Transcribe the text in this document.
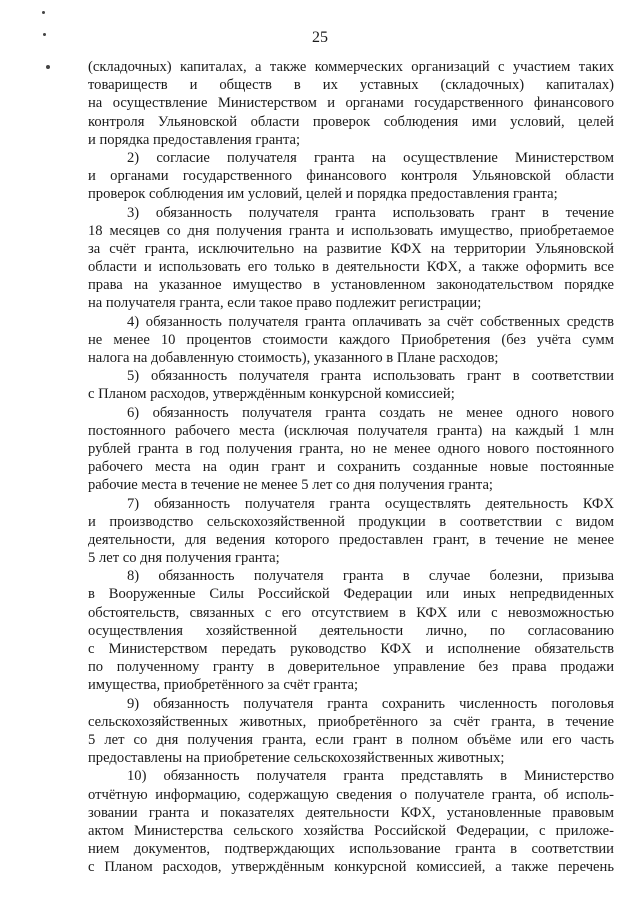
25
(складочных) капиталах, а также коммерческих организаций с участием таких
товариществ и обществ в их уставных (складочных) капиталах)
на осуществление Министерством и органами государственного финансового
контроля Ульяновской области проверок соблюдения ими условий, целей
и порядка предоставления гранта;
2) согласие получателя гранта на осуществление Министерством
и органами государственного финансового контроля Ульяновской области
проверок соблюдения им условий, целей и порядка предоставления гранта;
3) обязанность получателя гранта использовать грант в течение
18 месяцев со дня получения гранта и использовать имущество, приобретаемое
за счёт гранта, исключительно на развитие КФХ на территории Ульяновской
области и использовать его только в деятельности КФХ, а также оформить все
права на указанное имущество в установленном законодательством порядке
на получателя гранта, если такое право подлежит регистрации;
4) обязанность получателя гранта оплачивать за счёт собственных средств
не менее 10 процентов стоимости каждого Приобретения (без учёта сумм
налога на добавленную стоимость), указанного в Плане расходов;
5) обязанность получателя гранта использовать грант в соответствии
с Планом расходов, утверждённым конкурсной комиссией;
6) обязанность получателя гранта создать не менее одного нового
постоянного рабочего места (исключая получателя гранта) на каждый 1 млн
рублей гранта в год получения гранта, но не менее одного нового постоянного
рабочего места на один грант и сохранить созданные новые постоянные
рабочие места в течение не менее 5 лет со дня получения гранта;
7) обязанность получателя гранта осуществлять деятельность КФХ
и производство сельскохозяйственной продукции в соответствии с видом
деятельности, для ведения которого предоставлен грант, в течение не менее
5 лет со дня получения гранта;
8) обязанность получателя гранта в случае болезни, призыва
в Вооруженные Силы Российской Федерации или иных непредвиденных
обстоятельств, связанных с его отсутствием в КФХ или с невозможностью
осуществления хозяйственной деятельности лично, по согласованию
с Министерством передать руководство КФХ и исполнение обязательств
по полученному гранту в доверительное управление без права продажи
имущества, приобретённого за счёт гранта;
9) обязанность получателя гранта сохранить численность поголовья
сельскохозяйственных животных, приобретённого за счёт гранта, в течение
5 лет со дня получения гранта, если грант в полном объёме или его часть
предоставлены на приобретение сельскохозяйственных животных;
10) обязанность получателя гранта представлять в Министерство
отчётную информацию, содержащую сведения о получателе гранта, об исполь-
зовании гранта и показателях деятельности КФХ, установленные правовым
актом Министерства сельского хозяйства Российской Федерации, с приложе-
нием документов, подтверждающих использование гранта в соответствии
с Планом расходов, утверждённым конкурсной комиссией, а также перечень
